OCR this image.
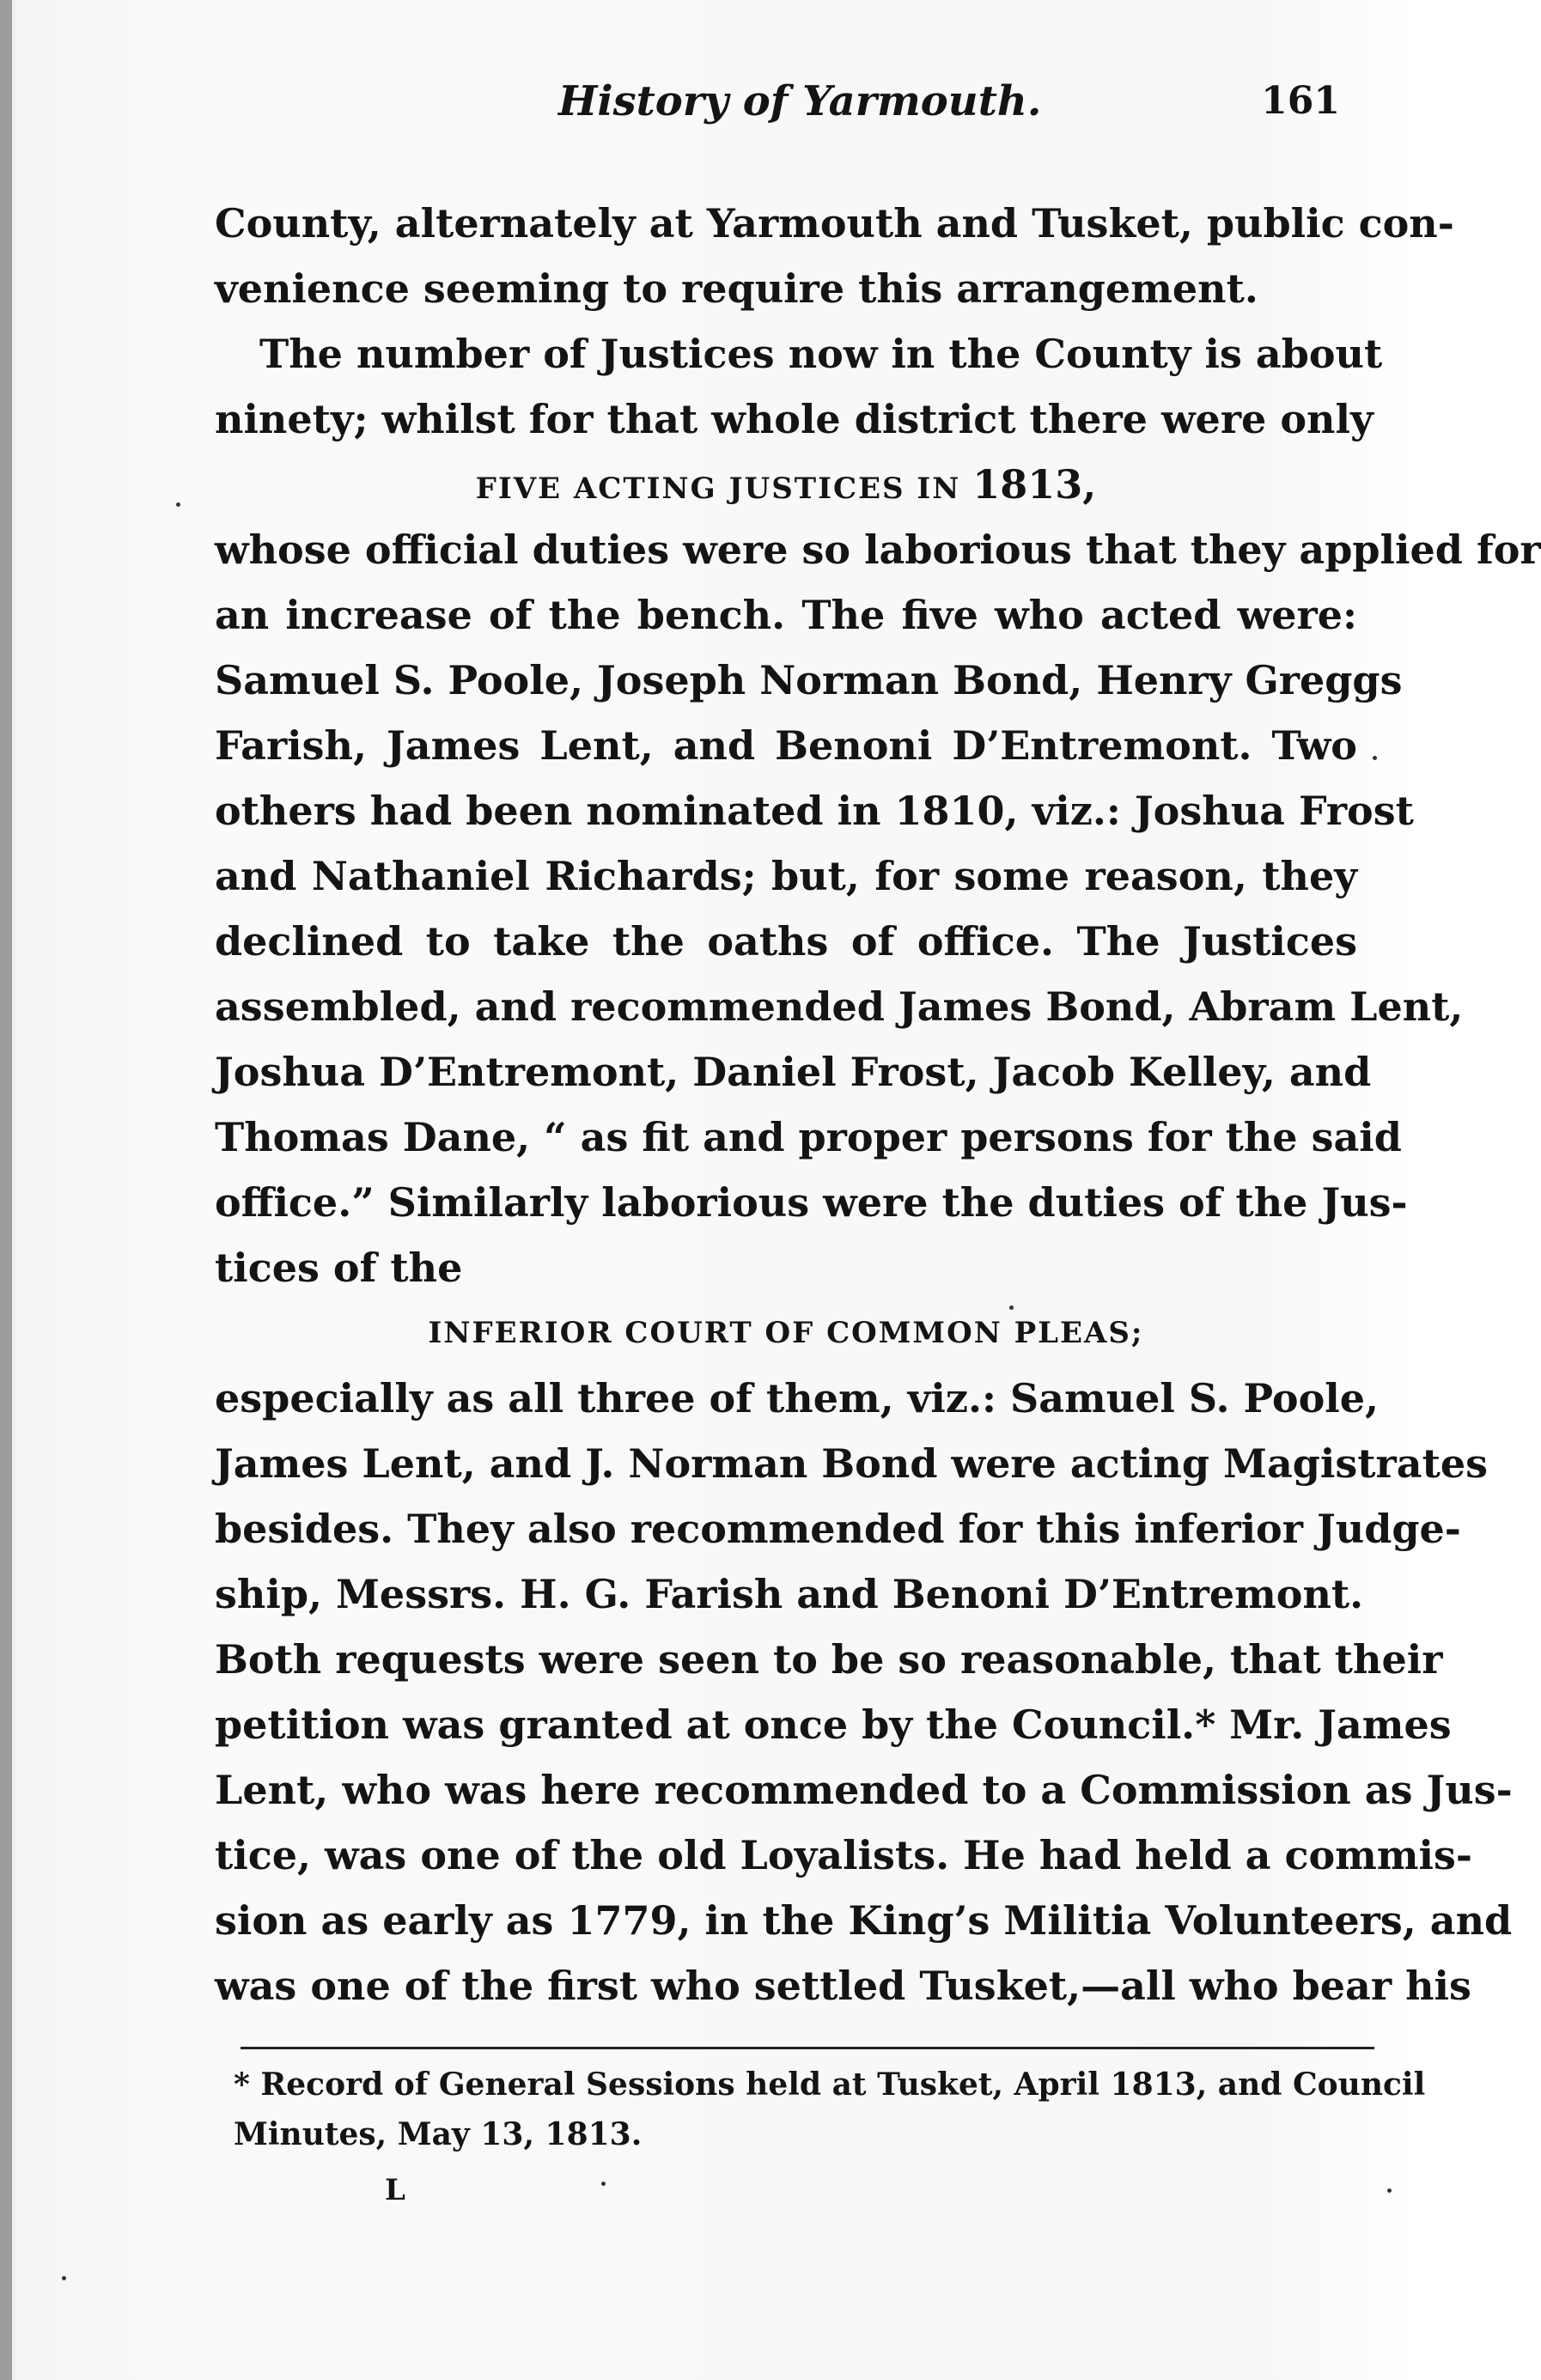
History of Yarmouth.	161
County, alternately at Yarmouth and Tusket, public con-
venience seeming to require this arrangement.
The number of Justices now in the County is about
ninety; whilst for that whole district there were only
FIVE ACTING JUSTICES IN 1813,
whose official duties were so laborious that they applied for
an increase of the bench. The five who acted were:
Samuel S. Poole, Joseph Norman Bond, Henry Greggs
Farish, James Lent, and Benoni D’Entremont. Two
others had been nominated in 1810, viz.: Joshua Frost
and Nathaniel Richards; but, for some reason, they
declined to take the oaths of office. The Justices
assembled, and recommended James Bond, Abram Lent,
Joshua D’Entremont, Daniel Frost, Jacob Kelley, and
Thomas Dane, “ as fit and proper persons for the said
office.” Similarly laborious were the duties of the Jus-
tices of the
INFERIOR COURT OF COMMON PLEAS;
especially as all three of them, viz.: Samuel S. Poole,
James Lent, and J. Norman Bond were acting Magistrates
besides. They also recommended for this inferior Judge-
ship, Messrs. H. G. Farish and Benoni D’Entremont.
Both requests were seen to be so reasonable, that their
petition was granted at once by the Council.* Mr. James
Lent, who was here recommended to a Commission as Jus-
tice, was one of the old Loyalists. He had held a commis-
sion as early as 1779, in the King’s Militia Volunteers, and
was one of the first who settled Tusket,—all who bear his
* Record of General Sessions held at Tusket, April 1813, and Council
Minutes, May 13, 1813.
L
